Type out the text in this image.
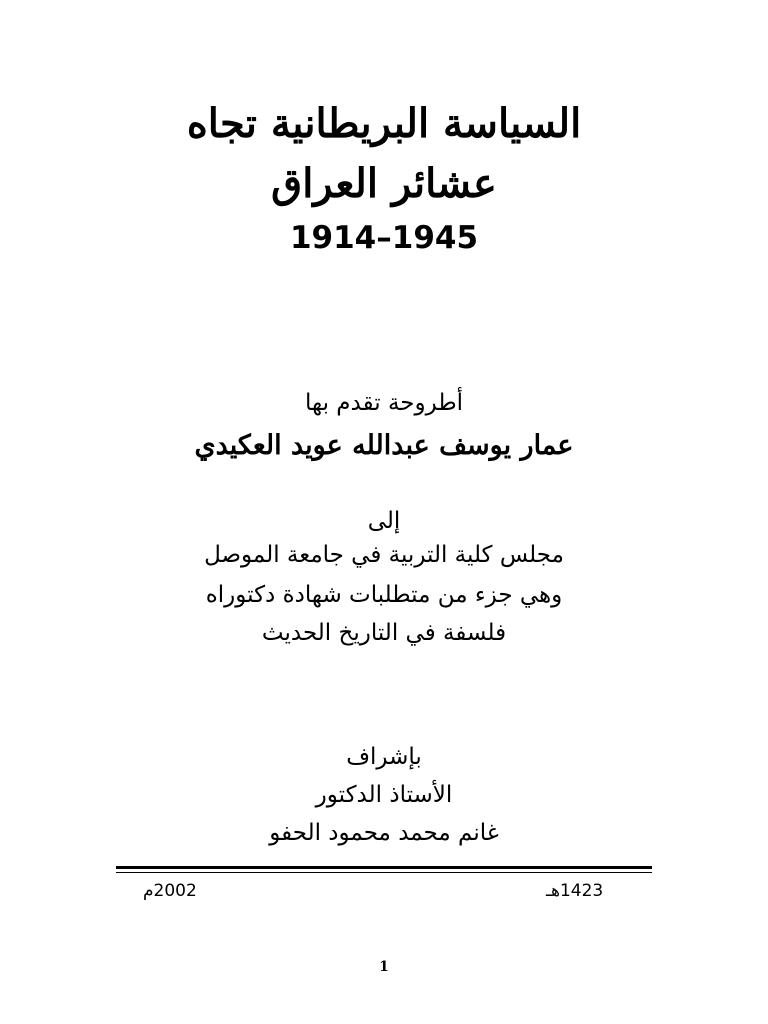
السياسة البريطانية تجاه
عشائر العراق
1914–1945
أطروحة تقدم بها
عمار يوسف عبدالله عويد العكيدي
إلى
مجلس كلية التربية في جامعة الموصل
وهي جزء من متطلبات شهادة دكتوراه
فلسفة في التاريخ الحديث
بإشراف
الأستاذ الدكتور
غانم محمد محمود الحفو
2002م	1423هـ
1
